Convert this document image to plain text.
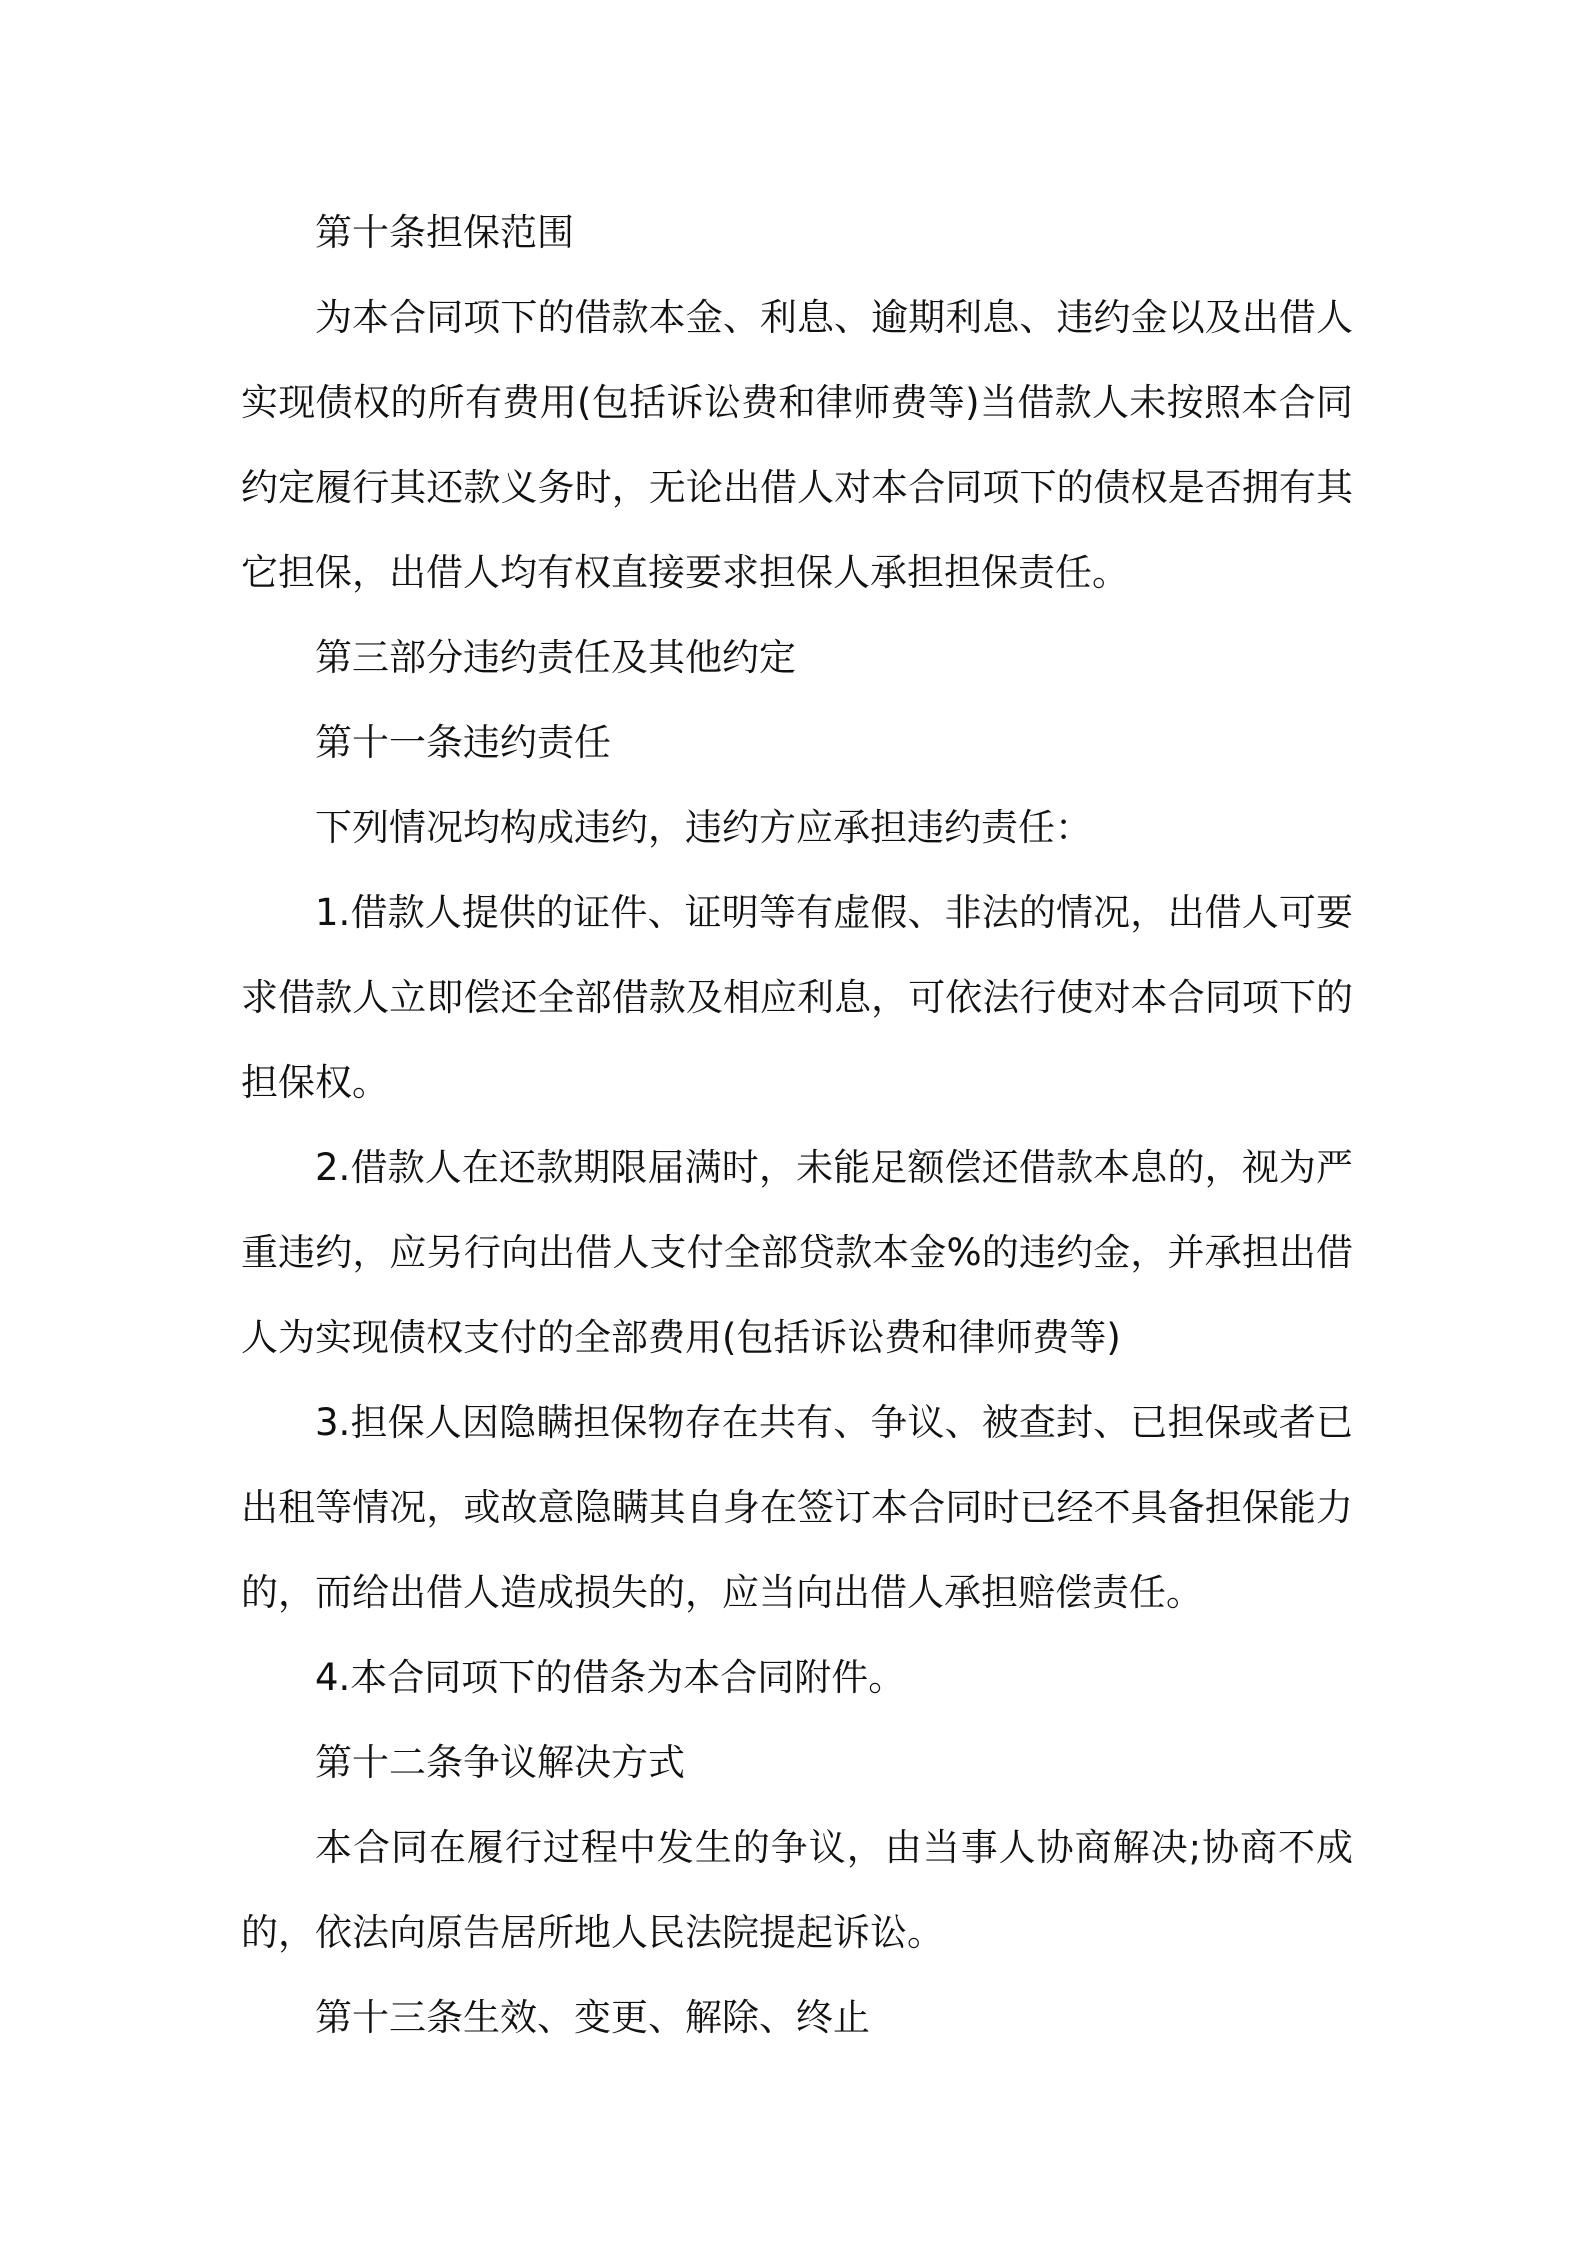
第十条担保范围

为本合同项下的借款本金、利息、逾期利息、违约金以及出借人实现债权的所有费用(包括诉讼费和律师费等)当借款人未按照本合同约定履行其还款义务时，无论出借人对本合同项下的债权是否拥有其它担保，出借人均有权直接要求担保人承担担保责任。

第三部分违约责任及其他约定

第十一条违约责任

下列情况均构成违约，违约方应承担违约责任：

1.借款人提供的证件、证明等有虚假、非法的情况，出借人可要求借款人立即偿还全部借款及相应利息，可依法行使对本合同项下的担保权。

2.借款人在还款期限届满时，未能足额偿还借款本息的，视为严重违约，应另行向出借人支付全部贷款本金%的违约金，并承担出借人为实现债权支付的全部费用(包括诉讼费和律师费等)

3.担保人因隐瞒担保物存在共有、争议、被查封、已担保或者已出租等情况，或故意隐瞒其自身在签订本合同时已经不具备担保能力的，而给出借人造成损失的，应当向出借人承担赔偿责任。

4.本合同项下的借条为本合同附件。

第十二条争议解决方式

本合同在履行过程中发生的争议，由当事人协商解决;协商不成的，依法向原告居所地人民法院提起诉讼。

第十三条生效、变更、解除、终止
